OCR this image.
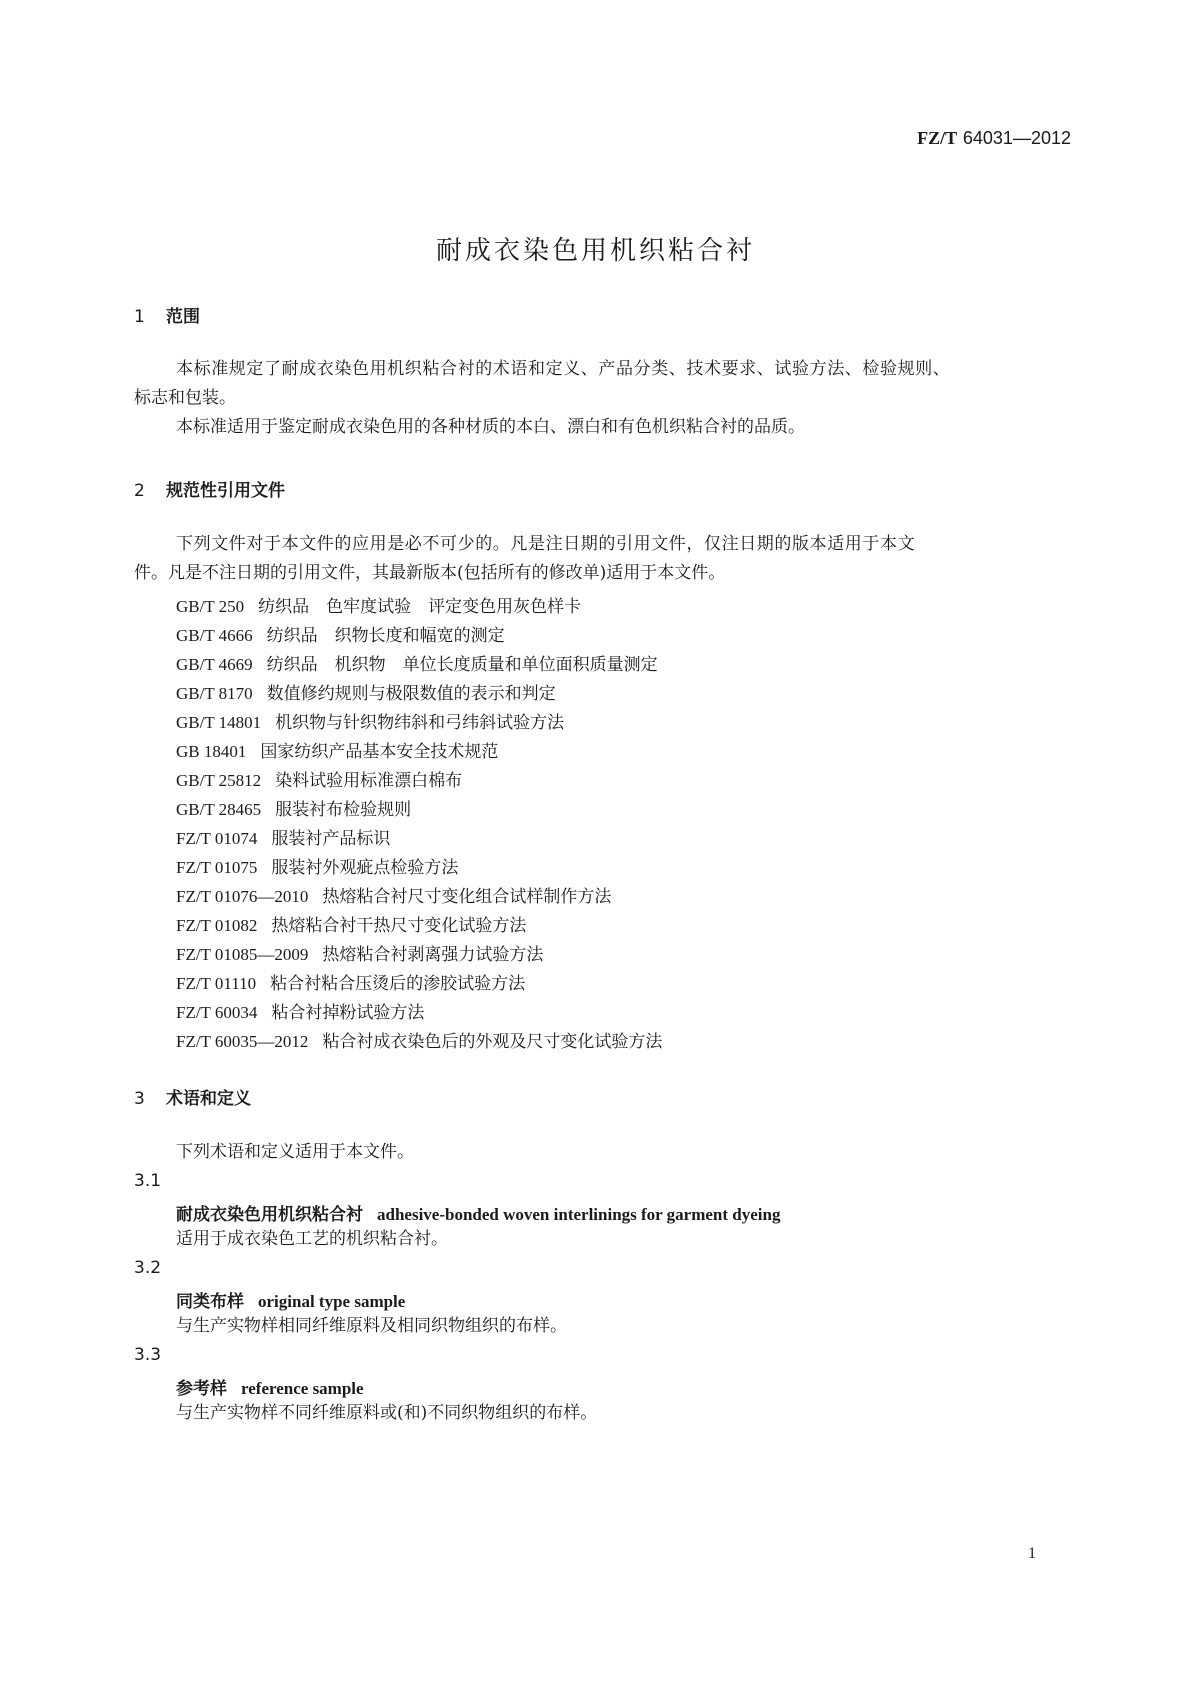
FZ/T 64031—2012
耐成衣染色用机织粘合衬
1 范围
本标准规定了耐成衣染色用机织粘合衬的术语和定义、产品分类、技术要求、试验方法、检验规则、
标志和包装。
本标准适用于鉴定耐成衣染色用的各种材质的本白、漂白和有色机织粘合衬的品质。
2 规范性引用文件
下列文件对于本文件的应用是必不可少的。凡是注日期的引用文件，仅注日期的版本适用于本文
件。凡是不注日期的引用文件，其最新版本(包括所有的修改单)适用于本文件。
GB/T 250 纺织品　色牢度试验　评定变色用灰色样卡
GB/T 4666 纺织品　织物长度和幅宽的测定
GB/T 4669 纺织品　机织物　单位长度质量和单位面积质量测定
GB/T 8170 数值修约规则与极限数值的表示和判定
GB/T 14801 机织物与针织物纬斜和弓纬斜试验方法
GB 18401 国家纺织产品基本安全技术规范
GB/T 25812 染料试验用标准漂白棉布
GB/T 28465 服装衬布检验规则
FZ/T 01074 服装衬产品标识
FZ/T 01075 服装衬外观疵点检验方法
FZ/T 01076—2010 热熔粘合衬尺寸变化组合试样制作方法
FZ/T 01082 热熔粘合衬干热尺寸变化试验方法
FZ/T 01085—2009 热熔粘合衬剥离强力试验方法
FZ/T 01110 粘合衬粘合压烫后的渗胶试验方法
FZ/T 60034 粘合衬掉粉试验方法
FZ/T 60035—2012 粘合衬成衣染色后的外观及尺寸变化试验方法
3 术语和定义
下列术语和定义适用于本文件。
3.1
耐成衣染色用机织粘合衬 adhesive-bonded woven interlinings for garment dyeing
适用于成衣染色工艺的机织粘合衬。
3.2
同类布样 original type sample
与生产实物样相同纤维原料及相同织物组织的布样。
3.3
参考样 reference sample
与生产实物样不同纤维原料或(和)不同织物组织的布样。
1
